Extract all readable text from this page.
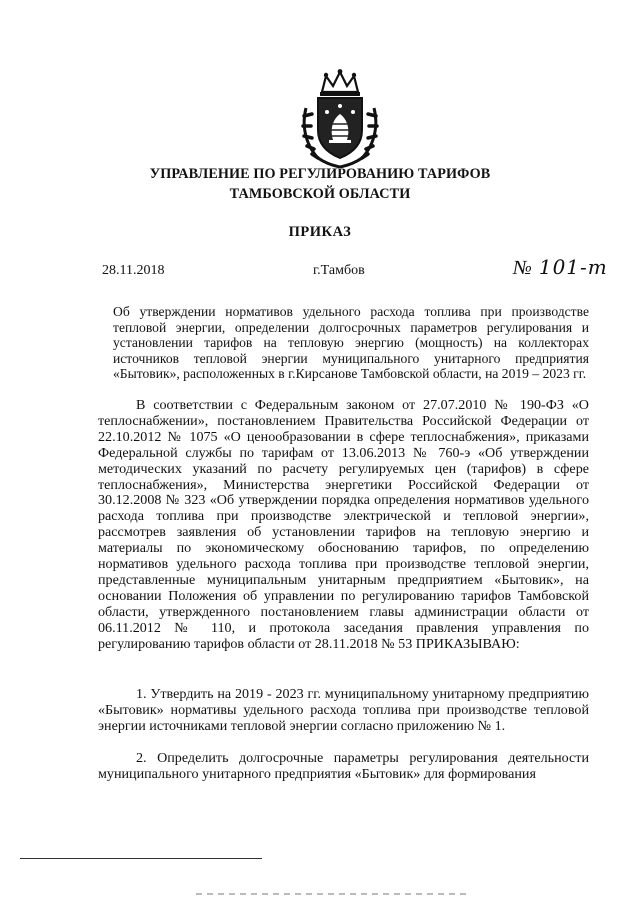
УПРАВЛЕНИЕ ПО РЕГУЛИРОВАНИЮ ТАРИФОВ
ТАМБОВСКОЙ ОБЛАСТИ
ПРИКАЗ
28.11.2018	г.Тамбов	№ 101-т
Об утверждении нормативов удельного расхода топлива при производстве тепловой энергии, определении долгосрочных параметров регулирования и установлении тарифов на тепловую энергию (мощность) на коллекторах источников тепловой энергии муниципального унитарного предприятия «Бытовик», расположенных в г.Кирсанове Тамбовской области, на 2019 – 2023 гг.
В соответствии с Федеральным законом от 27.07.2010 № 190-ФЗ «О теплоснабжении», постановлением Правительства Российской Федерации от 22.10.2012 № 1075 «О ценообразовании в сфере теплоснабжения», приказами Федеральной службы по тарифам от 13.06.2013 № 760-э «Об утверждении методических указаний по расчету регулируемых цен (тарифов) в сфере теплоснабжения», Министерства энергетики Российской Федерации от 30.12.2008 № 323 «Об утверждении порядка определения нормативов удельного расхода топлива при производстве электрической и тепловой энергии», рассмотрев заявления об установлении тарифов на тепловую энергию и материалы по экономическому обоснованию тарифов, по определению нормативов удельного расхода топлива при производстве тепловой энергии, представленные муниципальным унитарным предприятием «Бытовик», на основании Положения об управлении по регулированию тарифов Тамбовской области, утвержденного постановлением главы администрации области от 06.11.2012 № 110, и протокола заседания правления управления по регулированию тарифов области от 28.11.2018 № 53 ПРИКАЗЫВАЮ:
1. Утвердить на 2019 - 2023 гг. муниципальному унитарному предприятию «Бытовик» нормативы удельного расхода топлива при производстве тепловой энергии источниками тепловой энергии согласно приложению № 1.
2. Определить долгосрочные параметры регулирования деятельности муниципального унитарного предприятия «Бытовик» для формирования
